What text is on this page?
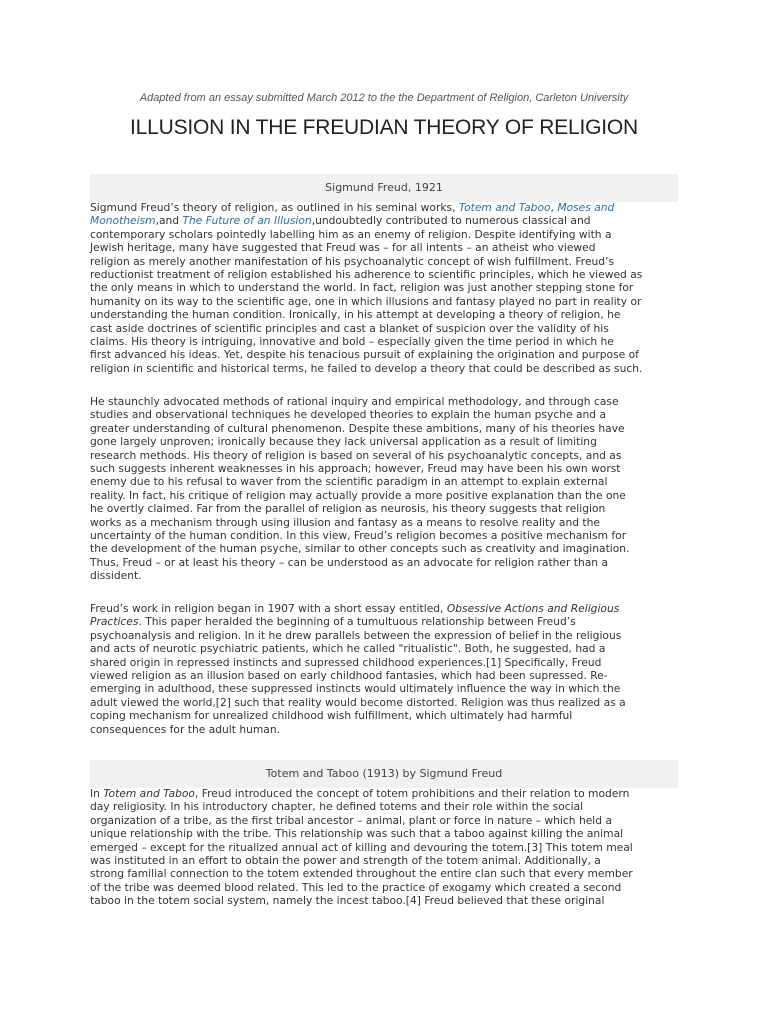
Adapted from an essay submitted March 2012 to the the Department of Religion, Carleton University
ILLUSION IN THE FREUDIAN THEORY OF RELIGION
Sigmund Freud, 1921
Sigmund Freud’s theory of religion, as outlined in his seminal works, Totem and Taboo, Moses and
Monotheism,and The Future of an Illusion,undoubtedly contributed to numerous classical and
contemporary scholars pointedly labelling him as an enemy of religion. Despite identifying with a
Jewish heritage, many have suggested that Freud was – for all intents – an atheist who viewed
religion as merely another manifestation of his psychoanalytic concept of wish fulfillment. Freud’s
reductionist treatment of religion established his adherence to scientific principles, which he viewed as
the only means in which to understand the world. In fact, religion was just another stepping stone for
humanity on its way to the scientific age, one in which illusions and fantasy played no part in reality or
understanding the human condition. Ironically, in his attempt at developing a theory of religion, he
cast aside doctrines of scientific principles and cast a blanket of suspicion over the validity of his
claims. His theory is intriguing, innovative and bold – especially given the time period in which he
first advanced his ideas. Yet, despite his tenacious pursuit of explaining the origination and purpose of
religion in scientific and historical terms, he failed to develop a theory that could be described as such.
He staunchly advocated methods of rational inquiry and empirical methodology, and through case
studies and observational techniques he developed theories to explain the human psyche and a
greater understanding of cultural phenomenon. Despite these ambitions, many of his theories have
gone largely unproven; ironically because they lack universal application as a result of limiting
research methods. His theory of religion is based on several of his psychoanalytic concepts, and as
such suggests inherent weaknesses in his approach; however, Freud may have been his own worst
enemy due to his refusal to waver from the scientific paradigm in an attempt to explain external
reality. In fact, his critique of religion may actually provide a more positive explanation than the one
he overtly claimed. Far from the parallel of religion as neurosis, his theory suggests that religion
works as a mechanism through using illusion and fantasy as a means to resolve reality and the
uncertainty of the human condition. In this view, Freud’s religion becomes a positive mechanism for
the development of the human psyche, similar to other concepts such as creativity and imagination.
Thus, Freud – or at least his theory – can be understood as an advocate for religion rather than a
dissident.
Freud’s work in religion began in 1907 with a short essay entitled, Obsessive Actions and Religious
Practices. This paper heralded the beginning of a tumultuous relationship between Freud’s
psychoanalysis and religion. In it he drew parallels between the expression of belief in the religious
and acts of neurotic psychiatric patients, which he called "ritualistic". Both, he suggested, had a
shared origin in repressed instincts and supressed childhood experiences.[1] Specifically, Freud
viewed religion as an illusion based on early childhood fantasies, which had been supressed. Re-
emerging in adulthood, these suppressed instincts would ultimately influence the way in which the
adult viewed the world,[2] such that reality would become distorted. Religion was thus realized as a
coping mechanism for unrealized childhood wish fulfillment, which ultimately had harmful
consequences for the adult human.
Totem and Taboo (1913) by Sigmund Freud
In Totem and Taboo, Freud introduced the concept of totem prohibitions and their relation to modern
day religiosity. In his introductory chapter, he defined totems and their role within the social
organization of a tribe, as the first tribal ancestor – animal, plant or force in nature – which held a
unique relationship with the tribe. This relationship was such that a taboo against killing the animal
emerged – except for the ritualized annual act of killing and devouring the totem.[3] This totem meal
was instituted in an effort to obtain the power and strength of the totem animal. Additionally, a
strong familial connection to the totem extended throughout the entire clan such that every member
of the tribe was deemed blood related. This led to the practice of exogamy which created a second
taboo in the totem social system, namely the incest taboo.[4] Freud believed that these original
